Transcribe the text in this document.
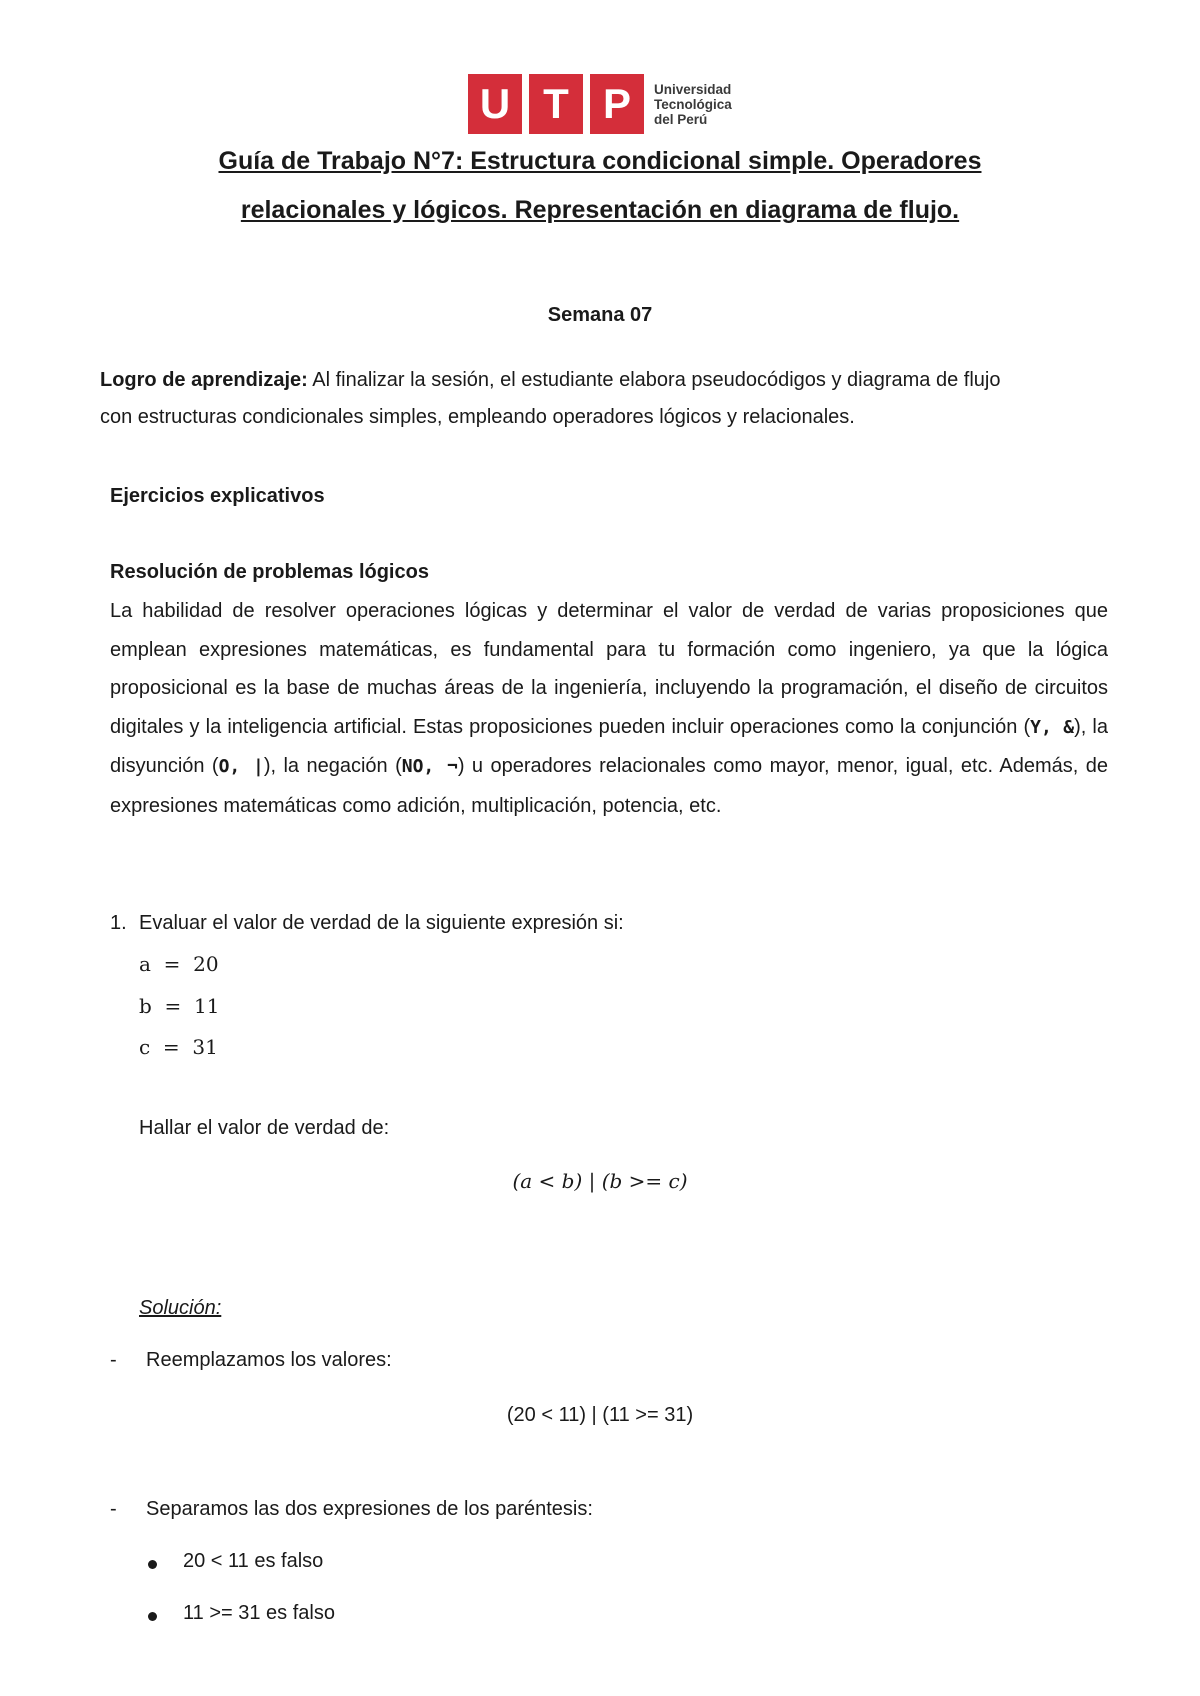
U T P	Universidad
Tecnológica
del Perú
Guía de Trabajo N°7: Estructura condicional simple. Operadores
relacionales y lógicos. Representación en diagrama de flujo.
Semana 07
Logro de aprendizaje: Al finalizar la sesión, el estudiante elabora pseudocódigos y diagrama de flujo
con estructuras condicionales simples, empleando operadores lógicos y relacionales.
Ejercicios explicativos
Resolución de problemas lógicos
La habilidad de resolver operaciones lógicas y determinar el valor de verdad de varias proposiciones que emplean expresiones matemáticas, es fundamental para tu formación como ingeniero, ya que la lógica proposicional es la base de muchas áreas de la ingeniería, incluyendo la programación, el diseño de circuitos digitales y la inteligencia artificial. Estas proposiciones pueden incluir operaciones como la conjunción (Y, &), la disyunción (O, |), la negación (NO, ¬) u operadores relacionales como mayor, menor, igual, etc. Además, de expresiones matemáticas como adición, multiplicación, potencia, etc.
1. Evaluar el valor de verdad de la siguiente expresión si:
a  =  20
b  =  11
c  =  31
Hallar el valor de verdad de:
(a < b) | (b >= c)
Solución:
- Reemplazamos los valores:
(20 < 11) | (11 >= 31)
- Separamos las dos expresiones de los paréntesis:
20 < 11 es falso
11 >= 31 es falso
